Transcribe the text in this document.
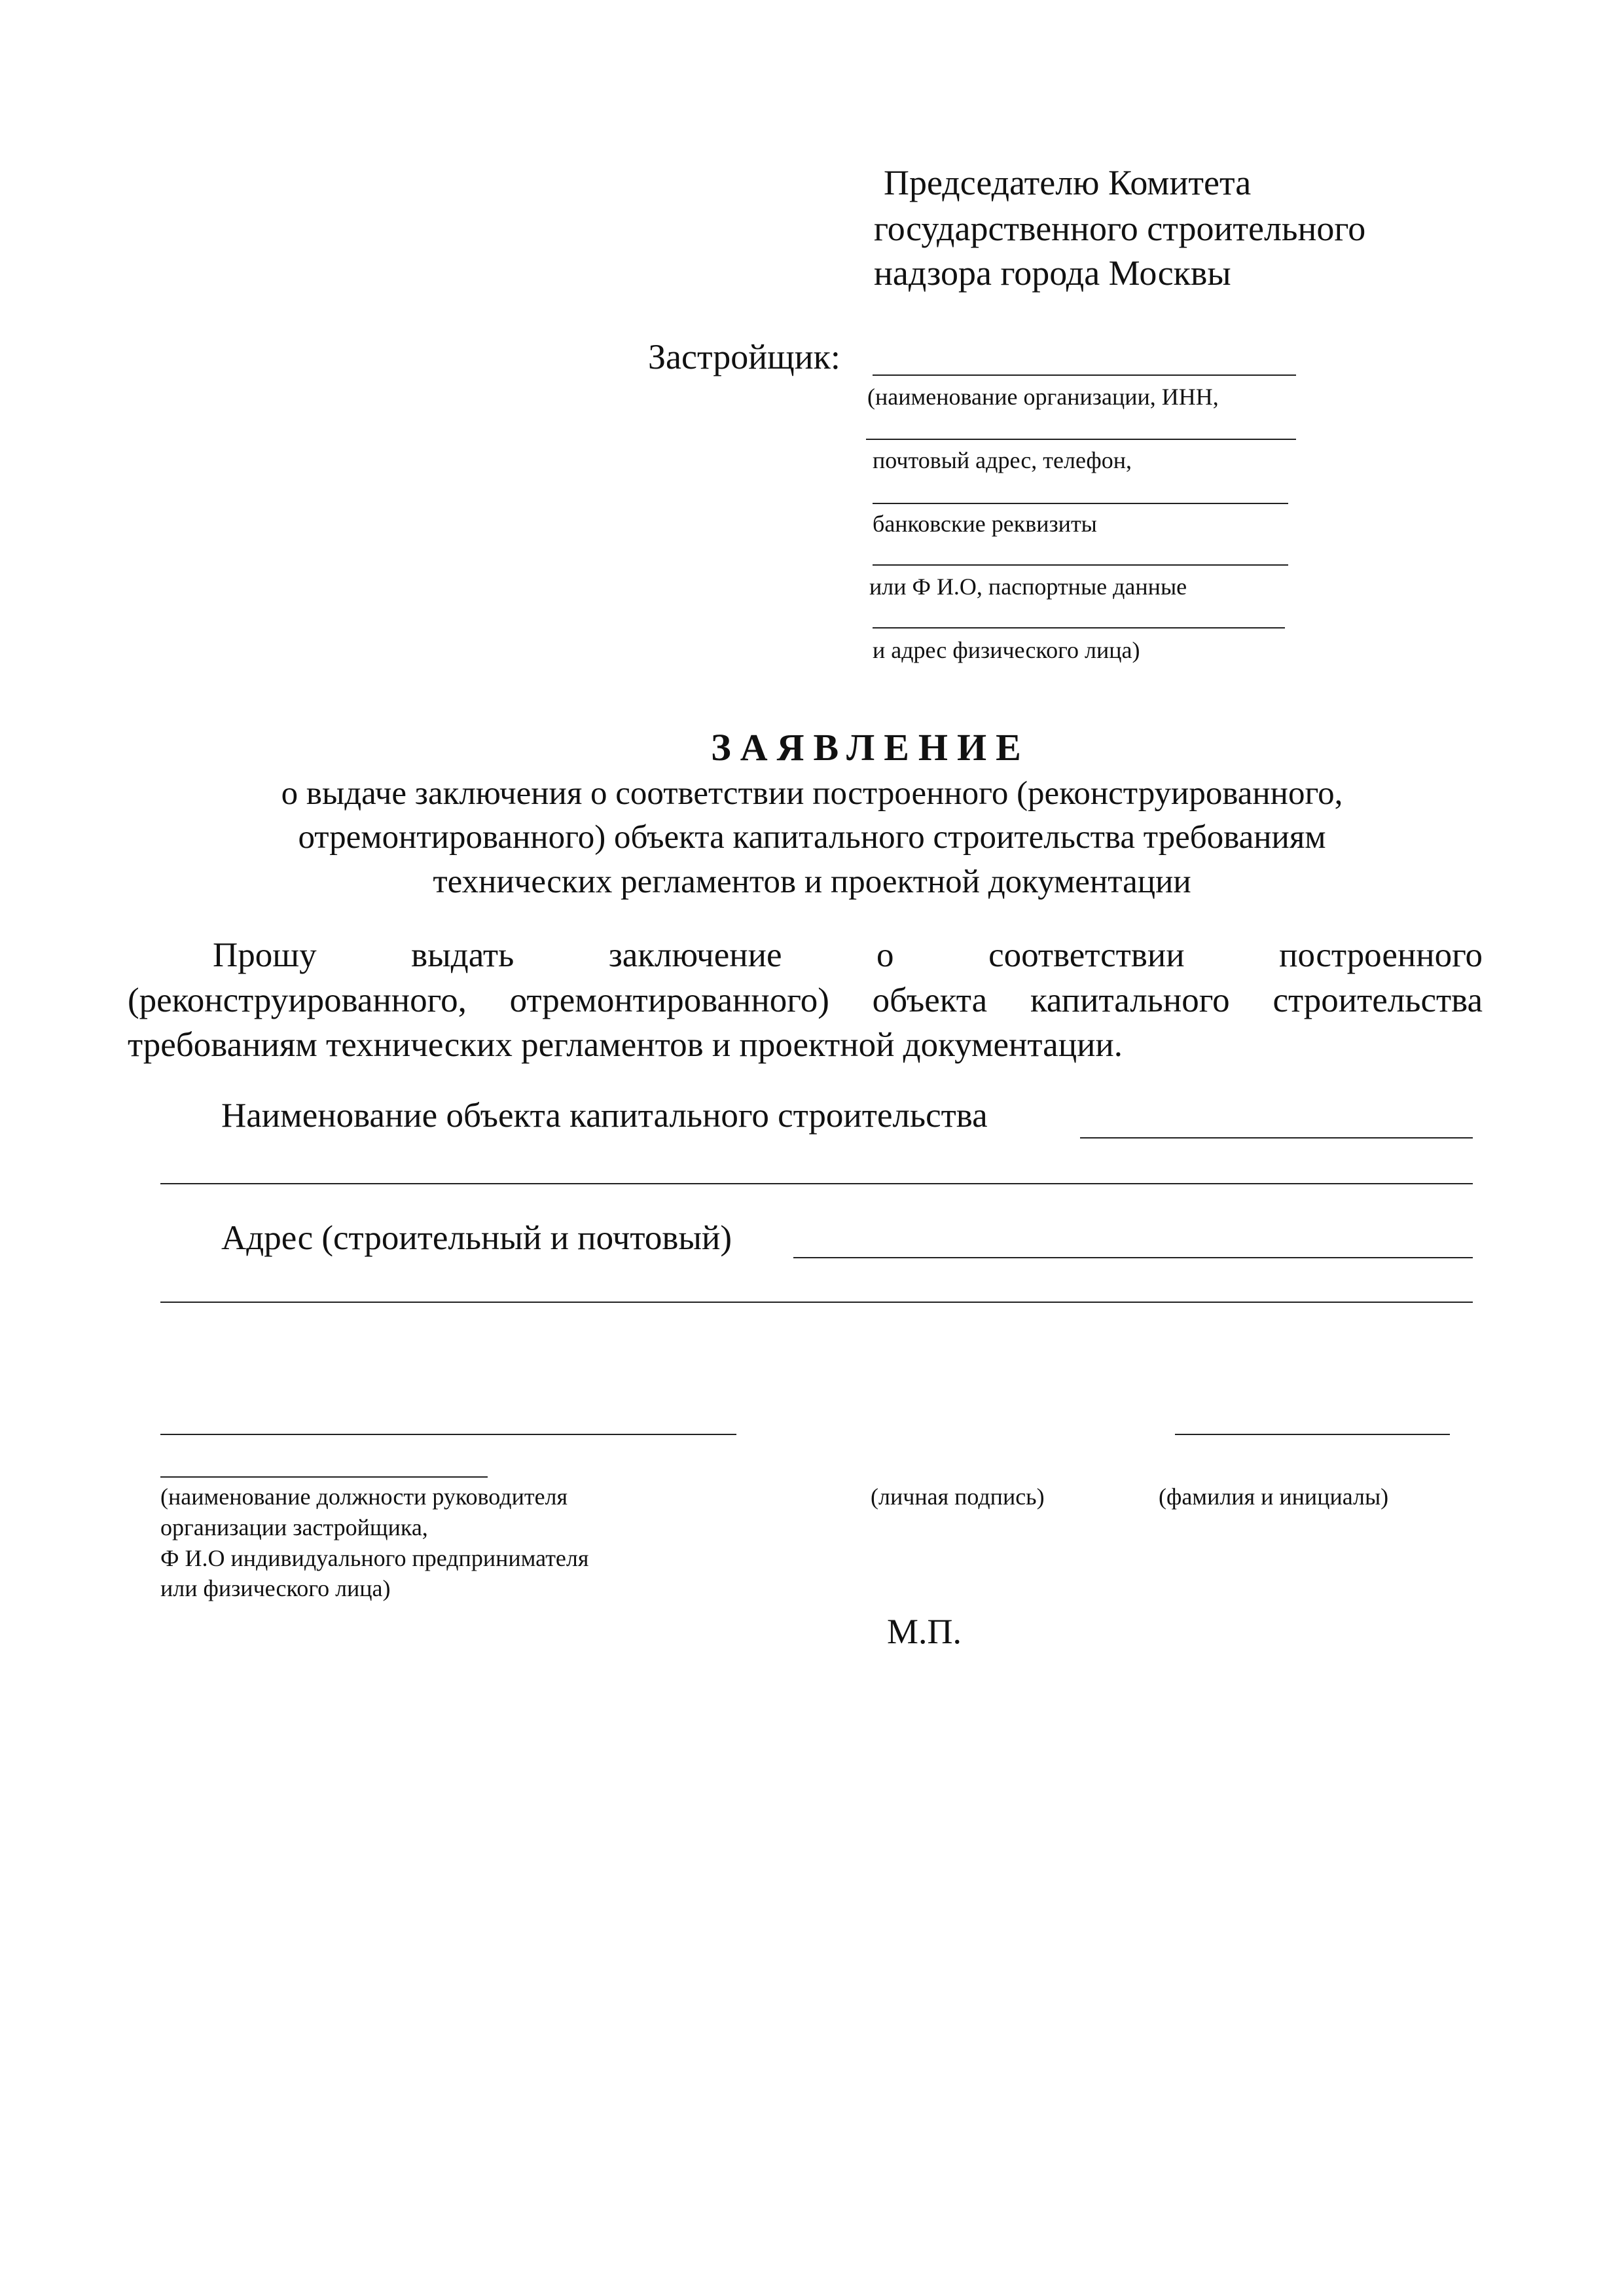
Председателю Комитета
государственного строительного
надзора города Москвы
Застройщик:
(наименование организации, ИНН,
почтовый адрес, телефон,
банковские реквизиты
или Ф И.О, паспортные данные
и адрес физического лица)
ЗАЯВЛЕНИЕ
о выдаче заключения о соответствии построенного (реконструированного,
отремонтированного) объекта капитального строительства требованиям
технических регламентов и проектной документации
Прошу	выдать	заключение	о	соответствии	построенного
(реконструированного, отремонтированного) объекта капитального строительства
требованиям технических регламентов и проектной документации.
Наименование объекта капитального строительства
Адрес (строительный и почтовый)
(наименование должности руководителя
организации застройщика,
Ф И.О индивидуального предпринимателя
или физического лица)
(личная подпись)	(фамилия и инициалы)
М.П.
